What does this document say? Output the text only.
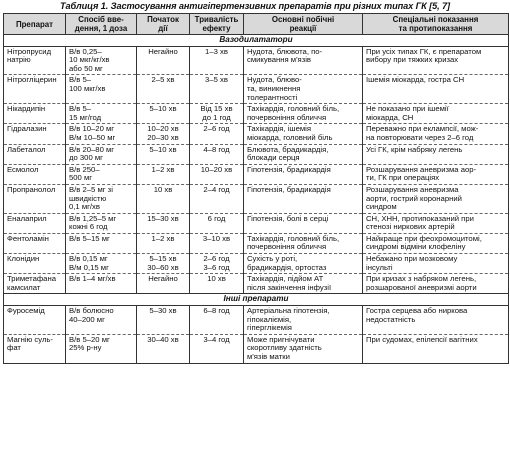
Таблиця 1. Застосування антигіпертензивних препаратів при різних типах ГК [5, 7]
Препарат	Спосіб вве-
дення, 1 доза	Початок
дії	Тривалість
ефекту	Основні побічні
реакції	Спеціальні показання
та протипоказання

Вазодилататори					

Нітропрусид
натрію	В/в 0,25–
10 мкг/кг/хв
або 50 мг	Негайно	1–3 хв	Нудота, блювота, по-
смикування м'язів	При усіх типах ГК, є препаратом
вибору при тяжких кризах

Нітрогліцерин	В/в 5–
100 мкг/хв	2–5 хв	3–5 хв	Нудота, блюво-
та, виникнення
толерантності	Ішемія міокарда, гостра СН

Нікардипін	В/в 5–
15 мг/год	5–10 хв	Від 15 хв
до 1 год	Тахікардія, головний біль,
почервоніння обличчя	Не показано при ішемії
міокарда, СН

Гідралазин	В/в 10–20 мг
В/м 10–50 мг	10–20 хв
20–30 хв	2–6 год	Тахікардія, ішемія
міокарда, головний біль	Переважно при еклампсії, мож-
на повторювати через 2–6 год

Лабеталол	В/в 20–80 мг
до 300 мг	5–10 хв	4–8 год	Блювота, брадикардія,
блокади серця	Усі ГК, крім набряку легень

Есмолол	В/в 250–
500 мг	1–2 хв	10–20 хв	Гіпотензія, брадикардія	Розшарування аневризма аор-
ти, ГК при операціях

Пропранолол	В/в 2–5 мг зі
швидкістю
0,1 мг/хв	10 хв	2–4 год	Гіпотензія, брадикардія	Розшарування аневризма
аорти, гострий коронарний
синдром

Еналаприл	В/в 1,25–5 мг
кожні 6 год	15–30 хв	6 год	Гіпотензія, болі в серці	СН, ХНН, протипоказаний при
стенозі ниркових артерій

Фентоламін	В/в 5–15 мг	1–2 хв	3–10 хв	Тахікардія, головний біль,
почервоніння обличчя	Найкраще при феохромоцитомі,
синдромі відміни клофеліну

Клонідин	В/в 0,15 мг
В/м 0,15 мг	5–15 хв
30–60 хв	2–6 год
3–6 год	Сухість у роті,
брадикардія, ортостаз	Небажано при мозковому
інсульті

Триметафана
камсилат	В/в 1–4 мг/хв	Негайно	10 хв	Тахікардія, підйом АТ
після закінчення інфузії	При кризах з набряком легень,
розшарованої аневризмі аорти

Інші препарати					

Фуросемід	В/в болюсно
40–200 мг	5–30 хв	6–8 год	Артеріальна гіпотензія,
гіпокаліємія,
гіперглікемія	Гостра серцева або ниркова
недостатність

Магнію суль-
фат	В/в 5–20 мг
25% р-ну	30–40 хв	3–4 год	Може пригнічувати
скоротливу здатність
м'язів матки	При судомах, епілепсії вагітних
